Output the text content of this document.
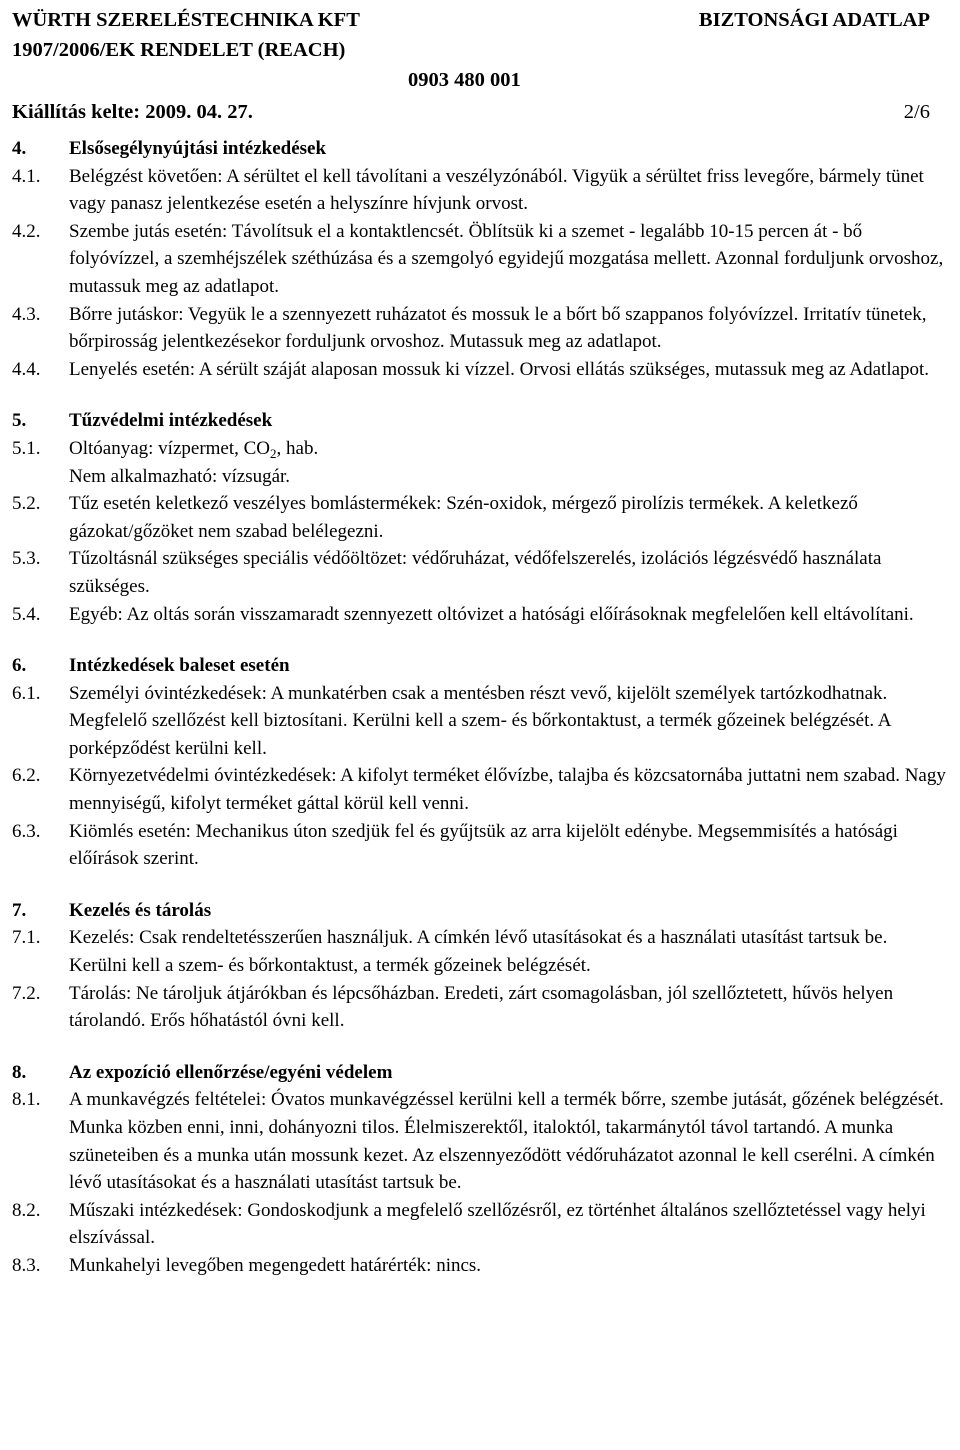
WÜRTH SZERELÉSTECHNIKA KFT	BIZTONSÁGI ADATLAP
1907/2006/EK RENDELET (REACH)
0903 480 001
Kiállítás kelte: 2009. 04. 27.	2/6
4.	Elsősegélynyújtási intézkedések
4.1.	Belégzést követően: A sérültet el kell távolítani a veszélyzónából. Vigyük a sérültet friss levegőre, bármely tünet vagy panasz jelentkezése esetén a helyszínre hívjunk orvost.
4.2.	Szembe jutás esetén: Távolítsuk el a kontaktlencsét. Öblítsük ki a szemet - legalább 10-15 percen át - bő folyóvízzel, a szemhéjszélek széthúzása és a szemgolyó egyidejű mozgatása mellett. Azonnal forduljunk orvoshoz, mutassuk meg az adatlapot.
4.3.	Bőrre jutáskor: Vegyük le a szennyezett ruházatot és mossuk le a bőrt bő szappanos folyóvízzel. Irritatív tünetek, bőrpirosság jelentkezésekor forduljunk orvoshoz. Mutassuk meg az adatlapot.
4.4.	Lenyelés esetén: A sérült száját alaposan mossuk ki vízzel. Orvosi ellátás szükséges, mutassuk meg az Adatlapot.
5.	Tűzvédelmi intézkedések
5.1.	Oltóanyag: vízpermet, $CO_2$, hab.
Nem alkalmazható: vízsugár.
5.2.	Tűz esetén keletkező veszélyes bomlástermékek: Szén-oxidok, mérgező pirolízis termékek. A keletkező gázokat/gőzöket nem szabad belélegezni.
5.3.	Tűzoltásnál szükséges speciális védőöltözet: védőruházat, védőfelszerelés, izolációs légzésvédő használata szükséges.
5.4.	Egyéb: Az oltás során visszamaradt szennyezett oltóvizet a hatósági előírásoknak megfelelően kell eltávolítani.
6.	Intézkedések baleset esetén
6.1.	Személyi óvintézkedések: A munkatérben csak a mentésben részt vevő, kijelölt személyek tartózkodhatnak. Megfelelő szellőzést kell biztosítani. Kerülni kell a szem- és bőrkontaktust, a termék gőzeinek belégzését. A porképződést kerülni kell.
6.2.	Környezetvédelmi óvintézkedések: A kifolyt terméket élővízbe, talajba és közcsatornába juttatni nem szabad. Nagy mennyiségű, kifolyt terméket gáttal körül kell venni.
6.3.	Kiömlés esetén: Mechanikus úton szedjük fel és gyűjtsük az arra kijelölt edénybe. Megsemmisítés a hatósági előírások szerint.
7.	Kezelés és tárolás
7.1.	Kezelés: Csak rendeltetésszerűen használjuk. A címkén lévő utasításokat és a használati utasítást tartsuk be. Kerülni kell a szem- és bőrkontaktust, a termék gőzeinek belégzését.
7.2.	Tárolás: Ne tároljuk átjárókban és lépcsőházban. Eredeti, zárt csomagolásban, jól szellőztetett, hűvös helyen tárolandó. Erős hőhatástól óvni kell.
8.	Az expozíció ellenőrzése/egyéni védelem
8.1.	A munkavégzés feltételei: Óvatos munkavégzéssel kerülni kell a termék bőrre, szembe jutását, gőzének belégzését. Munka közben enni, inni, dohányozni tilos. Élelmiszerektől, italoktól, takarmánytól távol tartandó. A munka szüneteiben és a munka után mossunk kezet. Az elszennyeződött védőruházatot azonnal le kell cserélni. A címkén lévő utasításokat és a használati utasítást tartsuk be.
8.2.	Műszaki intézkedések: Gondoskodjunk a megfelelő szellőzésről, ez történhet általános szellőztetéssel vagy helyi elszívással.
8.3.	Munkahelyi levegőben megengedett határérték: nincs.
